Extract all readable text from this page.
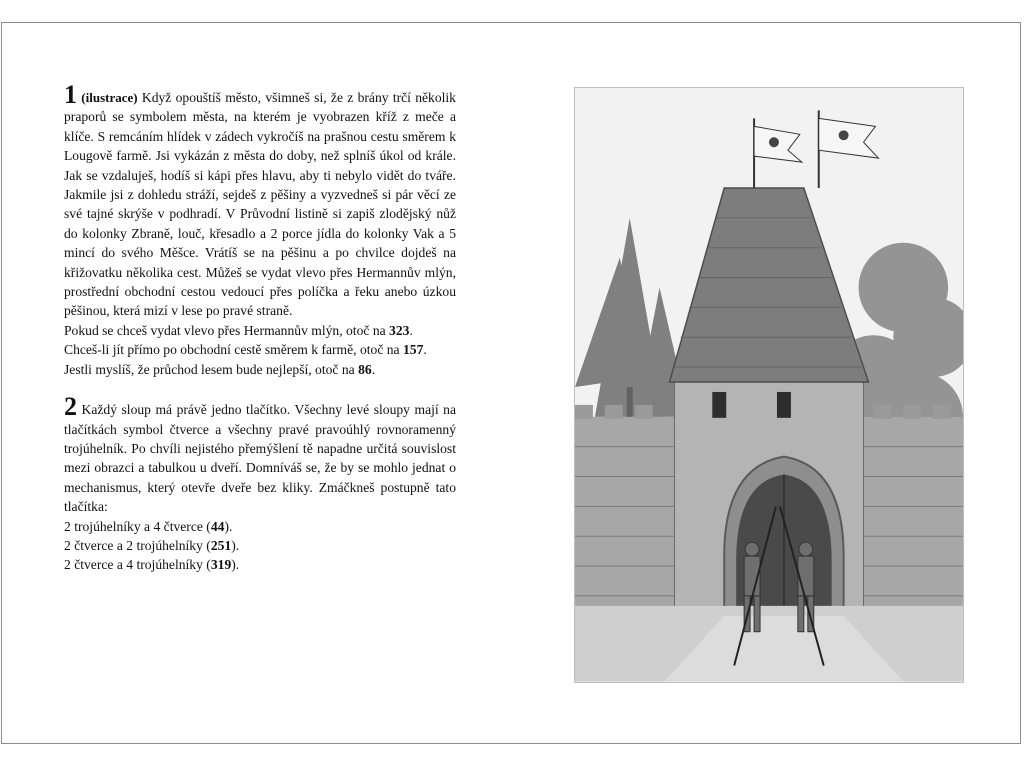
1 (ilustrace) Když opouštíš město, všimneš si, že z brány trčí několik praporů se symbolem města, na kterém je vyobrazen kříž z meče a klíče. S remcáním hlídek v zádech vykročíš na prašnou cestu směrem k Lougově farmě. Jsi vykázán z města do doby, než splníš úkol od krále. Jak se vzdaluješ, hodíš si kápi přes hlavu, aby ti nebylo vidět do tváře. Jakmile jsi z dohledu stráží, sejdeš z pěšiny a vyzvedneš si pár věcí ze své tajné skrýše v podhradí. V Průvodní listině si zapiš zlodějský nůž do kolonky Zbraně, louč, křesadlo a 2 porce jídla do kolonky Vak a 5 mincí do svého Měšce. Vrátíš se na pěšinu a po chvilce dojdeš na křižovatku několika cest. Můžeš se vydat vlevo přes Hermannův mlýn, prostřední obchodní cestou vedoucí přes políčka a řeku anebo úzkou pěšinou, která mizí v lese po pravé straně.
Pokud se chceš vydat vlevo přes Hermannův mlýn, otoč na 323.
Chceš-li jít přímo po obchodní cestě směrem k farmě, otoč na 157.
Jestli myslíš, že průchod lesem bude nejlepší, otoč na 86.

2 Každý sloup má právě jedno tlačítko. Všechny levé sloupy mají na tlačítkách symbol čtverce a všechny pravé pravoúhlý rovnoramenný trojúhelník. Po chvíli nejistého přemýšlení tě napadne určitá souvislost mezi obrazci a tabulkou u dveří. Domníváš se, že by se mohlo jednat o mechanismus, který otevře dveře bez kliky. Zmáčkneš postupně tato tlačítka:
2 trojúhelníky a 4 čtverce (44).
2 čtverce a 2 trojúhelníky (251).
2 čtverce a 4 trojúhelníky (319).
